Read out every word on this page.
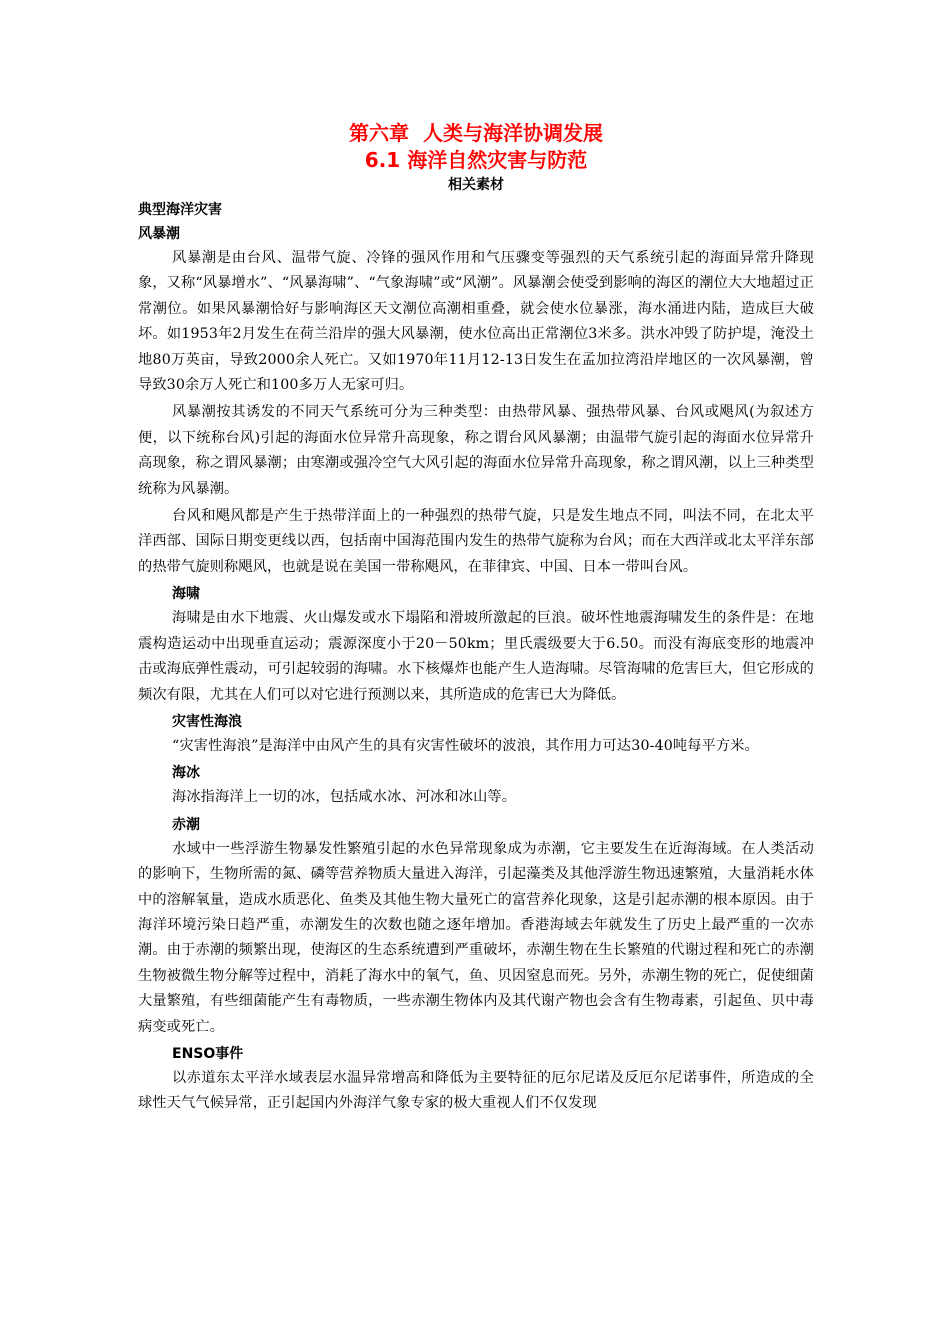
第六章  人类与海洋协调发展
6.1 海洋自然灾害与防范
相关素材
典型海洋灾害
风暴潮

风暴潮是由台风、温带气旋、冷锋的强风作用和气压骤变等强烈的天气系统引起的海面异常升降现象，又称“风暴增水”、“风暴海啸”、“气象海啸”或“风潮”。风暴潮会使受到影响的海区的潮位大大地超过正常潮位。如果风暴潮恰好与影响海区天文潮位高潮相重叠，就会使水位暴涨，海水涌进内陆，造成巨大破坏。如1953年2月发生在荷兰沿岸的强大风暴潮，使水位高出正常潮位3米多。洪水冲毁了防护堤，淹没土地80万英亩，导致2000余人死亡。又如1970年11月12-13日发生在孟加拉湾沿岸地区的一次风暴潮，曾导致30余万人死亡和100多万人无家可归。

风暴潮按其诱发的不同天气系统可分为三种类型：由热带风暴、强热带风暴、台风或飓风(为叙述方便，以下统称台风)引起的海面水位异常升高现象，称之谓台风风暴潮；由温带气旋引起的海面水位异常升高现象，称之谓风暴潮；由寒潮或强冷空气大风引起的海面水位异常升高现象，称之谓风潮，以上三种类型统称为风暴潮。

台风和飓风都是产生于热带洋面上的一种强烈的热带气旋，只是发生地点不同，叫法不同，在北太平洋西部、国际日期变更线以西，包括南中国海范围内发生的热带气旋称为台风；而在大西洋或北太平洋东部的热带气旋则称飓风，也就是说在美国一带称飓风，在菲律宾、中国、日本一带叫台风。

海啸

海啸是由水下地震、火山爆发或水下塌陷和滑坡所激起的巨浪。破坏性地震海啸发生的条件是：在地震构造运动中出现垂直运动；震源深度小于20－50km；里氏震级要大于6.50。而没有海底变形的地震冲击或海底弹性震动，可引起较弱的海啸。水下核爆炸也能产生人造海啸。尽管海啸的危害巨大，但它形成的频次有限，尤其在人们可以对它进行预测以来，其所造成的危害已大为降低。

灾害性海浪

“灾害性海浪”是海洋中由风产生的具有灾害性破坏的波浪，其作用力可达30-40吨每平方米。

海冰

海冰指海洋上一切的冰，包括咸水冰、河冰和冰山等。

赤潮

水域中一些浮游生物暴发性繁殖引起的水色异常现象成为赤潮，它主要发生在近海海域。在人类活动的影响下，生物所需的氮、磷等营养物质大量进入海洋，引起藻类及其他浮游生物迅速繁殖，大量消耗水体中的溶解氧量，造成水质恶化、鱼类及其他生物大量死亡的富营养化现象，这是引起赤潮的根本原因。由于海洋环境污染日趋严重，赤潮发生的次数也随之逐年增加。香港海域去年就发生了历史上最严重的一次赤潮。由于赤潮的频繁出现，使海区的生态系统遭到严重破坏，赤潮生物在生长繁殖的代谢过程和死亡的赤潮生物被微生物分解等过程中，消耗了海水中的氧气，鱼、贝因窒息而死。另外，赤潮生物的死亡，促使细菌大量繁殖，有些细菌能产生有毒物质，一些赤潮生物体内及其代谢产物也会含有生物毒素，引起鱼、贝中毒病变或死亡。

ENSO事件

以赤道东太平洋水域表层水温异常增高和降低为主要特征的厄尔尼诺及反厄尔尼诺事件，所造成的全球性天气气候异常，正引起国内外海洋气象专家的极大重视人们不仅发现
